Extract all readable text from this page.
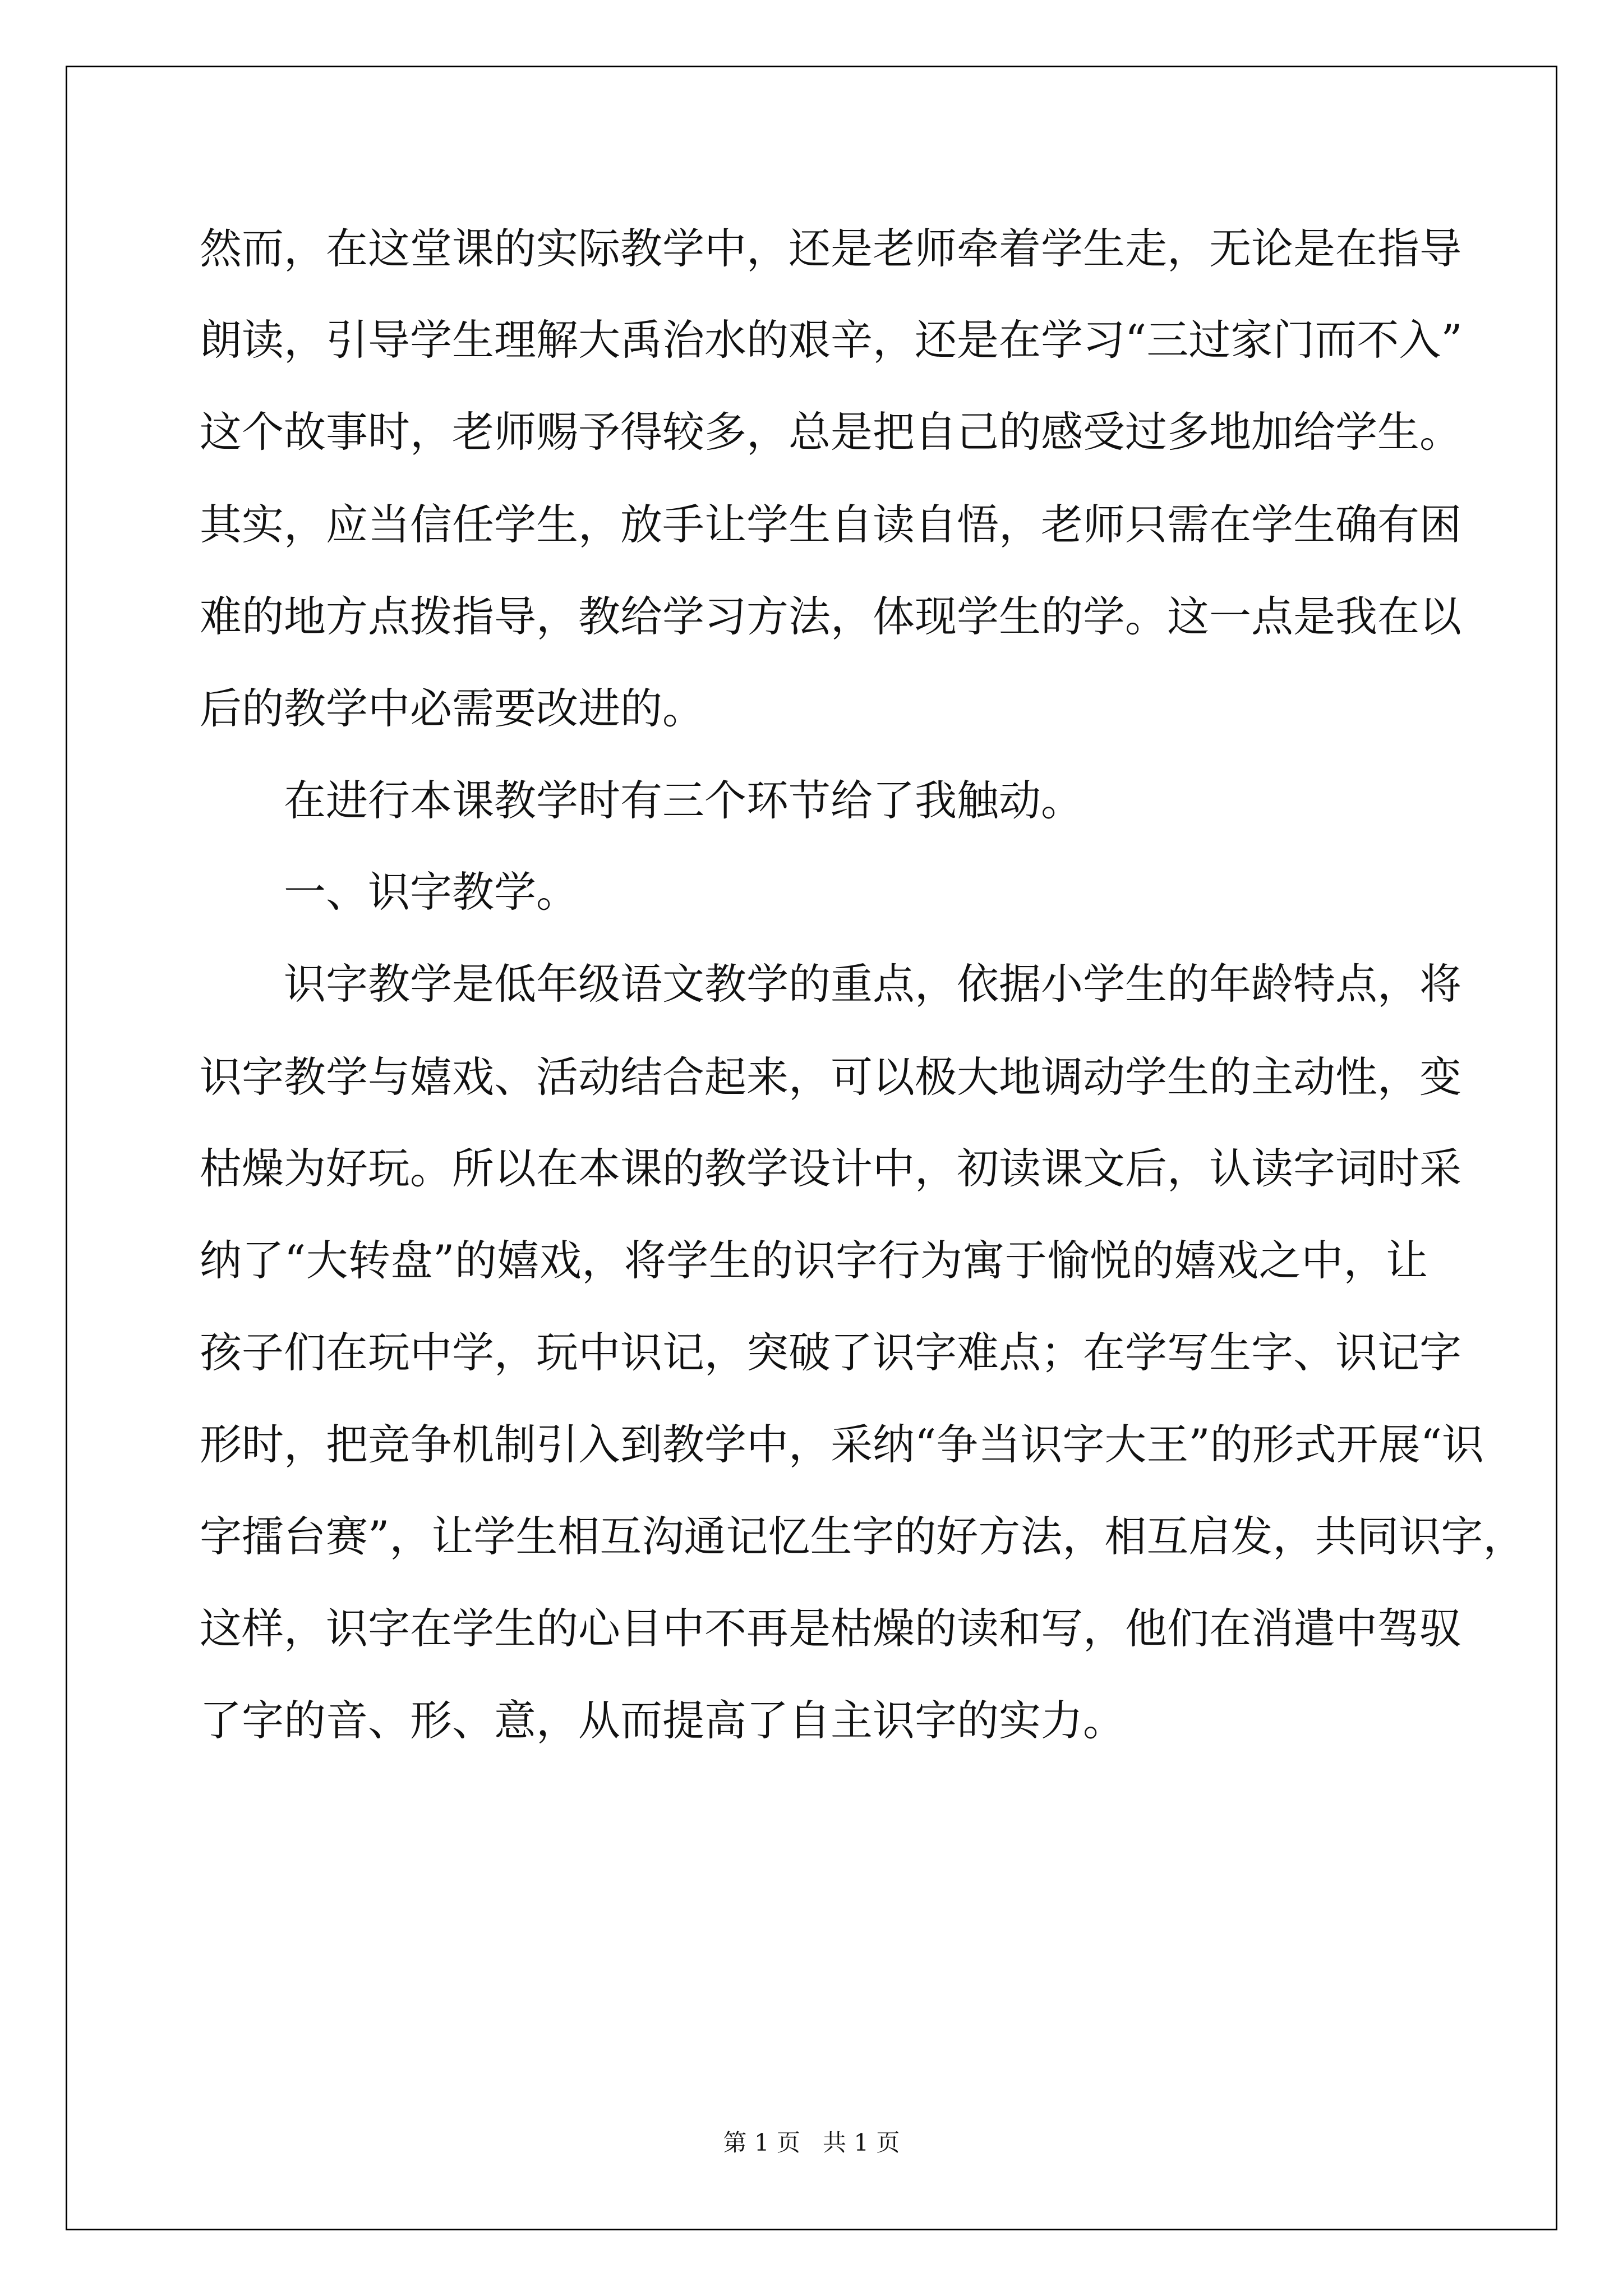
然而，在这堂课的实际教学中，还是老师牵着学生走，无论是在指导

朗读，引导学生理解大禹治水的艰辛，还是在学习“三过家门而不入”

这个故事时，老师赐予得较多，总是把自己的感受过多地加给学生。

其实，应当信任学生，放手让学生自读自悟，老师只需在学生确有困

难的地方点拨指导，教给学习方法，体现学生的学。这一点是我在以

后的教学中必需要改进的。

在进行本课教学时有三个环节给了我触动。

一、识字教学。

识字教学是低年级语文教学的重点，依据小学生的年龄特点，将

识字教学与嬉戏、活动结合起来，可以极大地调动学生的主动性，变

枯燥为好玩。所以在本课的教学设计中，初读课文后，认读字词时采

纳了“大转盘”的嬉戏，将学生的识字行为寓于愉悦的嬉戏之中，让

孩子们在玩中学，玩中识记，突破了识字难点；在学写生字、识记字

形时，把竞争机制引入到教学中，采纳“争当识字大王”的形式开展“识

字擂台赛”，让学生相互沟通记忆生字的好方法，相互启发，共同识字，

这样，识字在学生的心目中不再是枯燥的读和写，他们在消遣中驾驭

了字的音、形、意，从而提高了自主识字的实力。

第 1 页 共 1 页
